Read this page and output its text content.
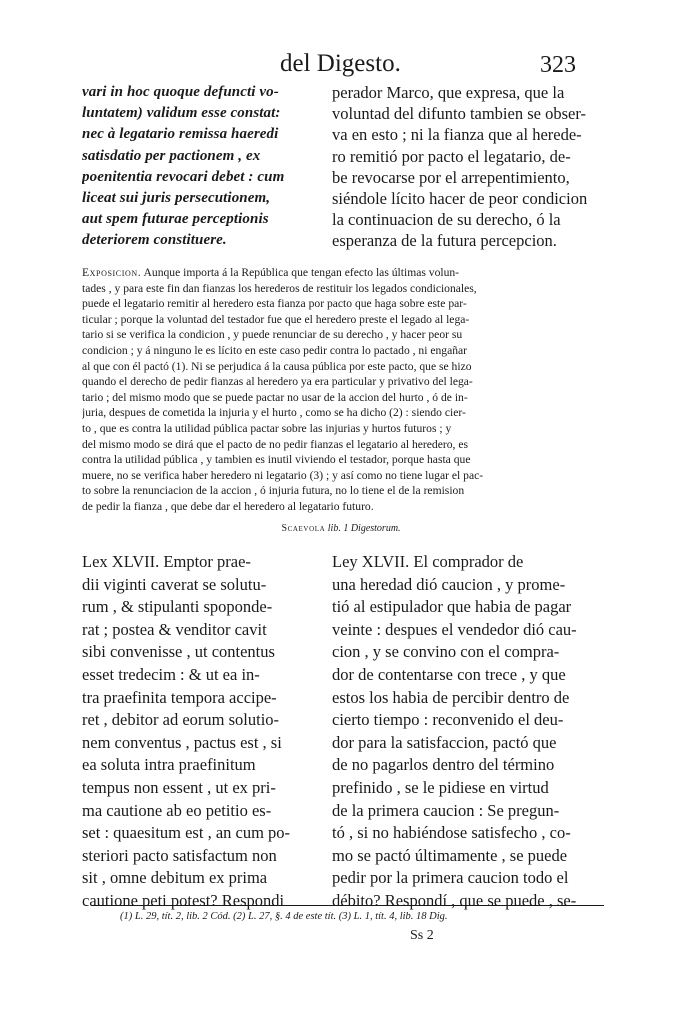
del Digesto.	323

vari in hoc quoque defuncti vo-
luntatem) validum esse constat:
nec à legatario remissa haeredi
satisdatio per pactionem , ex
poenitentia revocari debet : cum
liceat sui juris persecutionem,
aut spem futurae perceptionis
deteriorem constituere.

perador Marco, que expresa, que la
voluntad del difunto tambien se obser-
va en esto ; ni la fianza que al herede-
ro remitió por pacto el legatario, de-
be revocarse por el arrepentimiento,
siéndole lícito hacer de peor condicion
la continuacion de su derecho, ó la
esperanza de la futura percepcion.

Exposicion. Aunque importa á la República que tengan efecto las últimas volun-
tades , y para este fin dan fianzas los herederos de restituir los legados condicionales,
puede el legatario remitir al heredero esta fianza por pacto que haga sobre este par-
ticular ; porque la voluntad del testador fue que el heredero preste el legado al lega-
tario si se verifica la condicion , y puede renunciar de su derecho , y hacer peor su
condicion ; y á ninguno le es lícito en este caso pedir contra lo pactado , ni engañar
al que con él pactó (1). Ni se perjudica á la causa pública por este pacto, que se hizo
quando el derecho de pedir fianzas al heredero ya era particular y privativo del lega-
tario ; del mismo modo que se puede pactar no usar de la accion del hurto , ó de in-
juria, despues de cometida la injuria y el hurto , como se ha dicho (2) : siendo cier-
to , que es contra la utilidad pública pactar sobre las injurias y hurtos futuros ; y
del mismo modo se dirá que el pacto de no pedir fianzas el legatario al heredero, es
contra la utilidad pública , y tambien es inutil viviendo el testador, porque hasta que
muere, no se verifica haber heredero ni legatario (3) ; y así como no tiene lugar el pac-
to sobre la renunciacion de la accion , ó injuria futura, no lo tiene el de la remision
de pedir la fianza , que debe dar el heredero al legatario futuro.

Scaevola lib. 1 Digestorum.

Lex XLVII. Emptor prae-
dii viginti caverat se solutu-
rum , & stipulanti spoponde-
rat ; postea & venditor cavit
sibi convenisse , ut contentus
esset tredecim : & ut ea in-
tra praefinita tempora accipe-
ret , debitor ad eorum solutio-
nem conventus , pactus est , si
ea soluta intra praefinitum
tempus non essent , ut ex pri-
ma cautione ab eo petitio es-
set : quaesitum est , an cum po-
steriori pacto satisfactum non
sit , omne debitum ex prima
cautione peti potest? Respondi

Ley XLVII. El comprador de
una heredad dió caucion , y prome-
tió al estipulador que habia de pagar
veinte : despues el vendedor dió cau-
cion , y se convino con el compra-
dor de contentarse con trece , y que
estos los habia de percibir dentro de
cierto tiempo : reconvenido el deu-
dor para la satisfaccion, pactó que
de no pagarlos dentro del término
prefinido , se le pidiese en virtud
de la primera caucion : Se pregun-
tó , si no habiéndose satisfecho , co-
mo se pactó últimamente , se puede
pedir por la primera caucion todo el
débito? Respondí , que se puede , se-

(1) L. 29, tít. 2, lib. 2 Cód. (2) L. 27, §. 4 de este tít. (3) L. 1, tít. 4, lib. 18 Dig.

Ss 2
